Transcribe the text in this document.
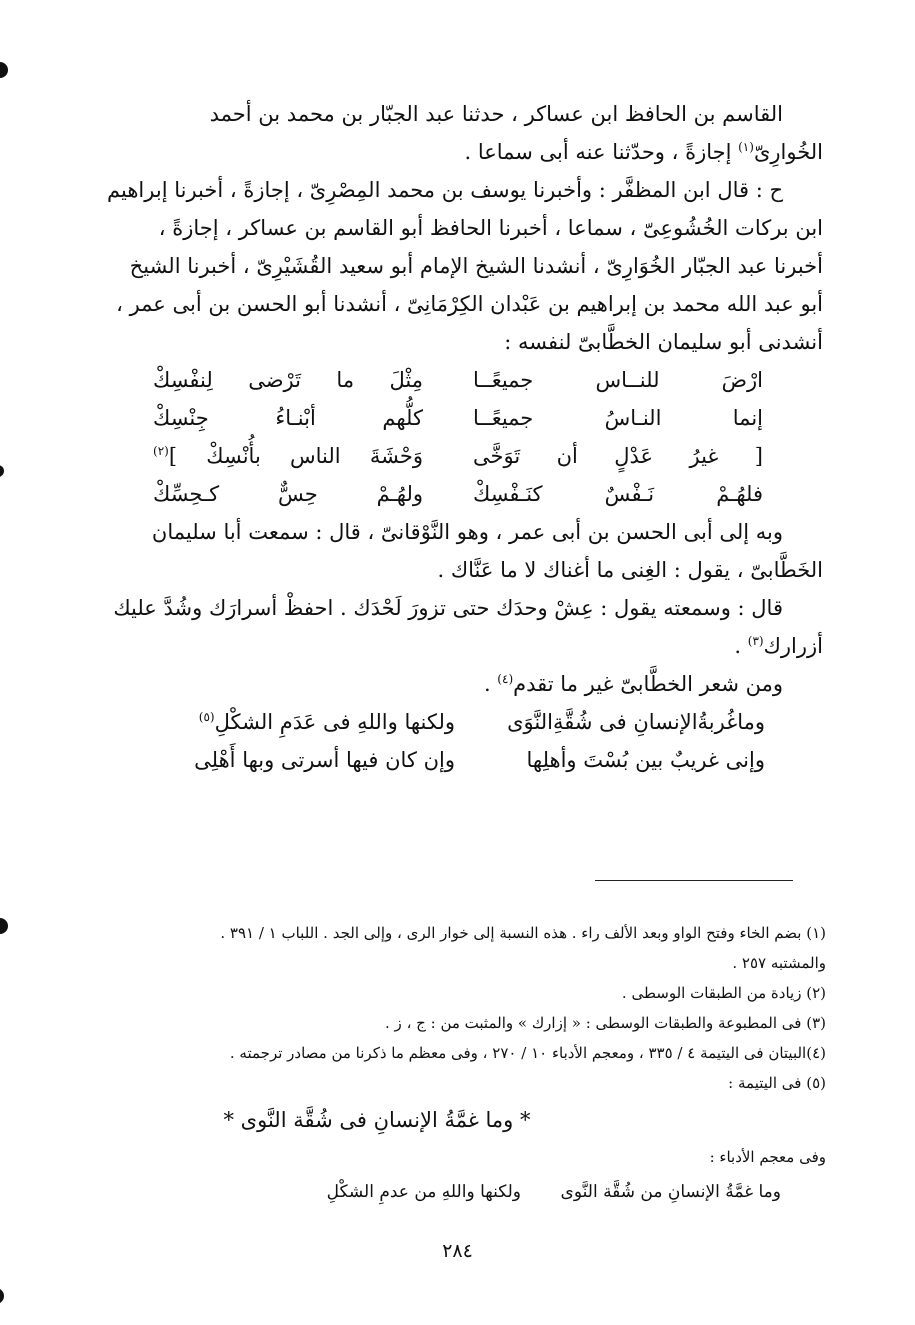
القاسم بن الحافظ ابن عساكر ، حدثنا عبد الجبّار بن محمد بن أحمد
الخُوارِىّ$^{(١)}$ إجازةً ، وحدّثنا عنه أبى سماعا .

ح : قال ابن المظفَّر : وأخبرنا يوسف بن محمد المِصْرِىّ ، إجازةً ، أخبرنا إبراهيم
ابن بركات الخُشُوعِىّ ، سماعا ، أخبرنا الحافظ أبو القاسم بن عساكر ، إجازةً ،
أخبرنا عبد الجبّار الخُوَارِىّ ، أنشدنا الشيخ الإمام أبو سعيد القُشَيْرِىّ ، أخبرنا الشيخ
أبو عبد الله محمد بن إبراهيم بن عَبْدان الكِرْمَانِىّ ، أنشدنا أبو الحسن بن أبى عمر ،
أنشدنى أبو سليمان الخطَّابىّ لنفسه :

ارْضَ للنــاس جميعًــا
مِثْلَ ما تَرْضى لِنفْسِكْ
إنما النـاسُ جميعًــا
كلُّهم أبْنـاءُ جِنْسِكْ
[ غيرُ عَدْلٍ أن تَوَخَّى
وَحْشَةَ الناس بأُنْسِكْ ]$^{(٢)}$
فلهُـمْ نَـفْسٌ كنَـفْسِكْ
ولهُـمْ حِسٌّ كـحِسِّكْ

وبه إلى أبى الحسن بن أبى عمر ، وهو النَّوْقانىّ ، قال : سمعت أبا سليمان
الخَطَّابىّ ، يقول : الغِنى ما أغناك لا ما عَنَّاك .

قال : وسمعته يقول : عِشْ وحدَك حتى تزورَ لَحْدَك . احفظْ أسرارَك وشُدَّ عليك
أزرارك$^{(٣)}$ .

ومن شعر الخطَّابىّ غير ما تقدم$^{(٤)}$ .

وماغُربةُالإنسانِ فى شُقَّةِالنَّوَى
ولكنها واللهِ فى عَدَمِ الشكْلِ$^{(٥)}$
وإنى غريبٌ بين بُسْتَ وأهلِها
وإن كان فيها أسرتى وبها أَهْلِى
(١) بضم الخاء وفتح الواو وبعد الألف راء . هذه النسبة إلى خوار الرى ، وإلى الجد . اللباب ١ / ٣٩١ .
والمشتبه ٢٥٧ .
(٢) زيادة من الطبقات الوسطى .
(٣) فى المطبوعة والطبقات الوسطى : « إزارك » والمثبت من : ج ، ز .
(٤)البيتان فى اليتيمة ٤ / ٣٣٥ ، ومعجم الأدباء ١٠ / ٢٧٠ ، وفى معظم ما ذكرنا من مصادر ترجمته .
(٥) فى اليتيمة :
* وما غمَّةُ الإنسانِ فى شُقَّة النَّوى *
وفى معجم الأدباء :
وما غمَّةُ الإنسانِ من شُقَّة النَّوى
ولكنها واللهِ من عدمِ الشكْلِ
٢٨٤
